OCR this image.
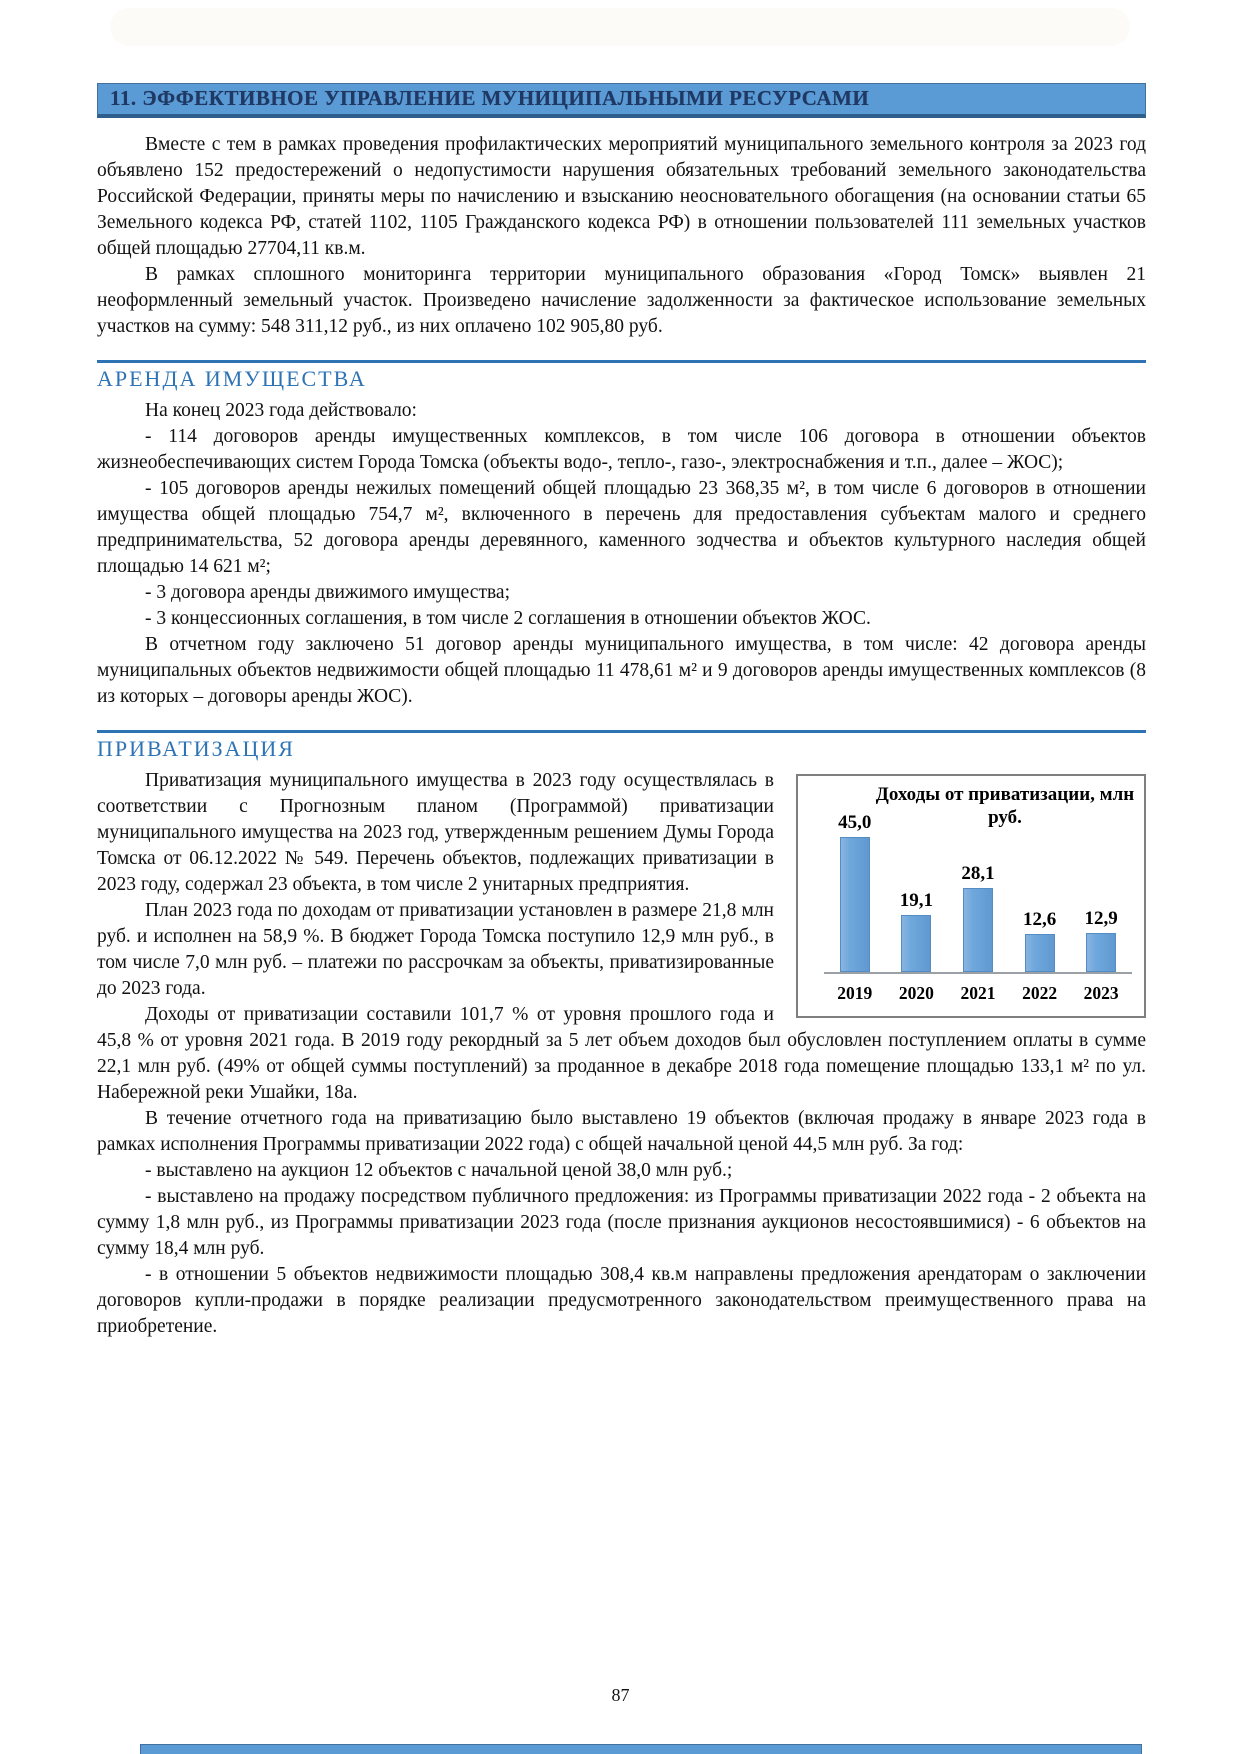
11. ЭФФЕКТИВНОЕ УПРАВЛЕНИЕ МУНИЦИПАЛЬНЫМИ РЕСУРСАМИ

Вместе с тем в рамках проведения профилактических мероприятий муниципального земельного контроля за 2023 год объявлено 152 предостережений о недопустимости нарушения обязательных требований земельного законодательства Российской Федерации, приняты меры по начислению и взысканию неосновательного обогащения (на основании статьи 65 Земельного кодекса РФ, статей 1102, 1105 Гражданского кодекса РФ) в отношении пользователей 111 земельных участков общей площадью 27704,11 кв.м.

В рамках сплошного мониторинга территории муниципального образования «Город Томск» выявлен 21 неоформленный земельный участок. Произведено начисление задолженности за фактическое использование земельных участков на сумму: 548 311,12 руб., из них оплачено 102 905,80 руб.

АРЕНДА ИМУЩЕСТВА

На конец 2023 года действовало:

- 114 договоров аренды имущественных комплексов, в том числе 106 договора в отношении объектов жизнеобеспечивающих систем Города Томска (объекты водо-, тепло-, газо-, электроснабжения и т.п., далее – ЖОС);

- 105 договоров аренды нежилых помещений общей площадью 23 368,35 м², в том числе 6 договоров в отношении имущества общей площадью 754,7 м², включенного в перечень для предоставления субъектам малого и среднего предпринимательства, 52 договора аренды деревянного, каменного зодчества и объектов культурного наследия общей площадью 14 621 м²;

- 3 договора аренды движимого имущества;

- 3 концессионных соглашения, в том числе 2 соглашения в отношении объектов ЖОС.

В отчетном году заключено 51 договор аренды муниципального имущества, в том числе: 42 договора аренды муниципальных объектов недвижимости общей площадью 11 478,61 м² и 9 договоров аренды имущественных комплексов (8 из которых – договоры аренды ЖОС).

ПРИВАТИЗАЦИЯ
Доходы от приватизации, млн руб.
45,0
19,1
28,1
12,6 12,9
2019	2020	2021	2022	2023

Приватизация муниципального имущества в 2023 году осуществлялась в соответствии с Прогнозным планом (Программой) приватизации муниципального имущества на 2023 год, утвержденным решением Думы Города Томска от 06.12.2022 № 549. Перечень объектов, подлежащих приватизации в 2023 году, содержал 23 объекта, в том числе 2 унитарных предприятия.

План 2023 года по доходам от приватизации установлен в размере 21,8 млн руб. и исполнен на 58,9 %. В бюджет Города Томска поступило 12,9 млн руб., в том числе 7,0 млн руб. – платежи по рассрочкам за объекты, приватизированные до 2023 года.

Доходы от приватизации составили 101,7 % от уровня прошлого года и 45,8 % от уровня 2021 года. В 2019 году рекордный за 5 лет объем доходов был обусловлен поступлением оплаты в сумме 22,1 млн руб. (49% от общей суммы поступлений) за проданное в декабре 2018 года помещение площадью 133,1 м² по ул. Набережной реки Ушайки, 18а.

В течение отчетного года на приватизацию было выставлено 19 объектов (включая продажу в январе 2023 года в рамках исполнения Программы приватизации 2022 года) с общей начальной ценой 44,5 млн руб. За год:

- выставлено на аукцион 12 объектов с начальной ценой 38,0 млн руб.;

- выставлено на продажу посредством публичного предложения: из Программы приватизации 2022 года - 2 объекта на сумму 1,8 млн руб., из Программы приватизации 2023 года (после признания аукционов несостоявшимися) - 6 объектов на сумму 18,4 млн руб.

- в отношении 5 объектов недвижимости площадью 308,4 кв.м направлены предложения арендаторам о заключении договоров купли-продажи в порядке реализации предусмотренного законодательством преимущественного права на приобретение.

87
